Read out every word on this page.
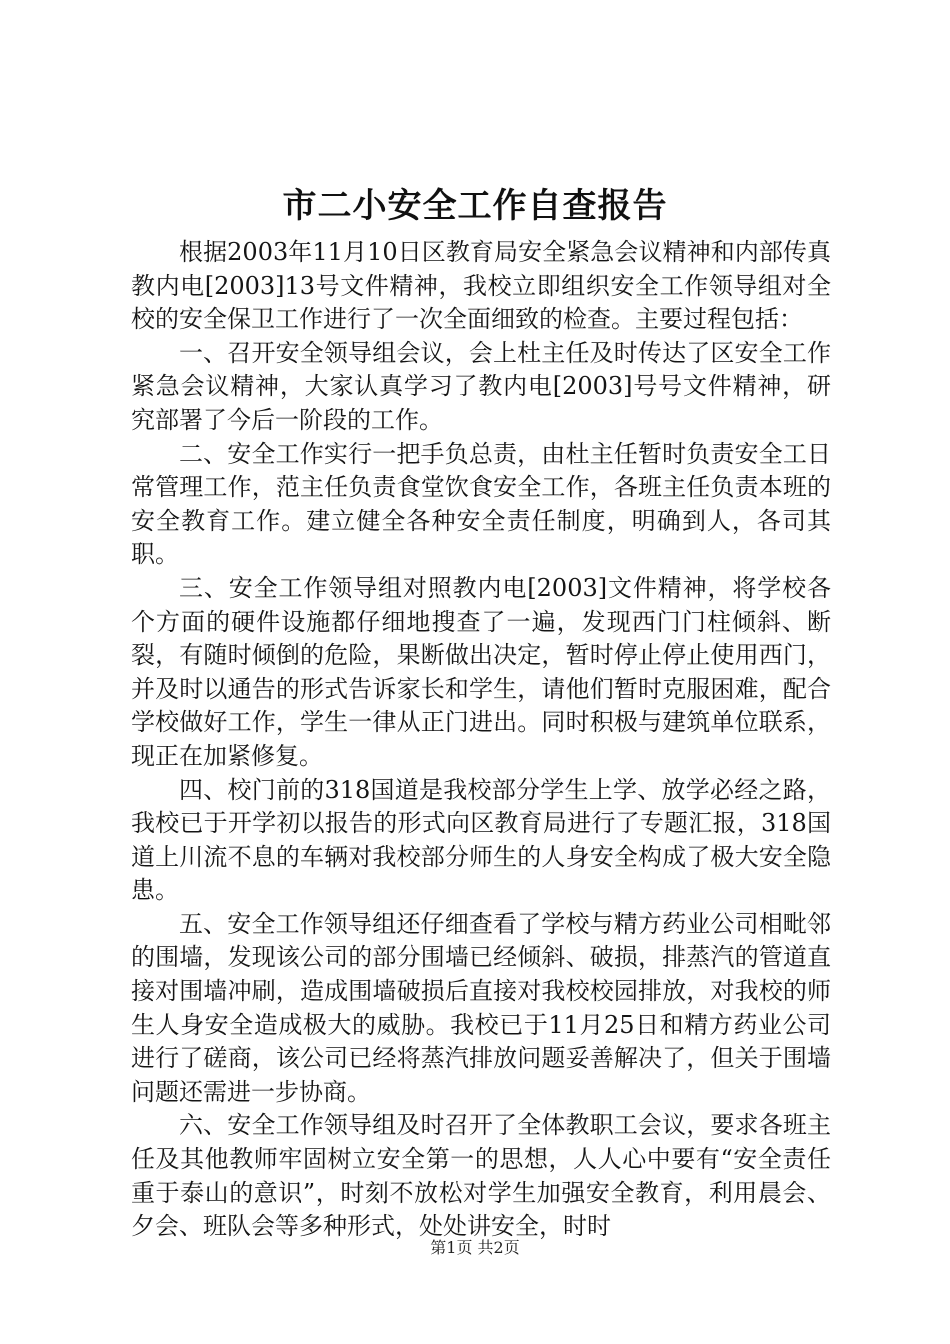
市二小安全工作自查报告

根据2003年11月10日区教育局安全紧急会议精神和内部传真教内电[2003]13号文件精神，我校立即组织安全工作领导组对全校的安全保卫工作进行了一次全面细致的检查。主要过程包括：

一、召开安全领导组会议，会上杜主任及时传达了区安全工作紧急会议精神，大家认真学习了教内电[2003]号号文件精神，研究部署了今后一阶段的工作。

二、安全工作实行一把手负总责，由杜主任暂时负责安全工日常管理工作，范主任负责食堂饮食安全工作，各班主任负责本班的安全教育工作。建立健全各种安全责任制度，明确到人，各司其职。

三、安全工作领导组对照教内电[2003]文件精神，将学校各个方面的硬件设施都仔细地搜查了一遍，发现西门门柱倾斜、断裂，有随时倾倒的危险，果断做出决定，暂时停止停止使用西门，并及时以通告的形式告诉家长和学生，请他们暂时克服困难，配合学校做好工作，学生一律从正门进出。同时积极与建筑单位联系，现正在加紧修复。

四、校门前的318国道是我校部分学生上学、放学必经之路，我校已于开学初以报告的形式向区教育局进行了专题汇报，318国道上川流不息的车辆对我校部分师生的人身安全构成了极大安全隐患。

五、安全工作领导组还仔细查看了学校与精方药业公司相毗邻的围墙，发现该公司的部分围墙已经倾斜、破损，排蒸汽的管道直接对围墙冲刷，造成围墙破损后直接对我校校园排放，对我校的师生人身安全造成极大的威胁。我校已于11月25日和精方药业公司进行了磋商，该公司已经将蒸汽排放问题妥善解决了，但关于围墙问题还需进一步协商。

六、安全工作领导组及时召开了全体教职工会议，要求各班主任及其他教师牢固树立安全第一的思想，人人心中要有“安全责任重于泰山的意识”，时刻不放松对学生加强安全教育，利用晨会、夕会、班队会等多种形式，处处讲安全，时时

第1页 共2页
